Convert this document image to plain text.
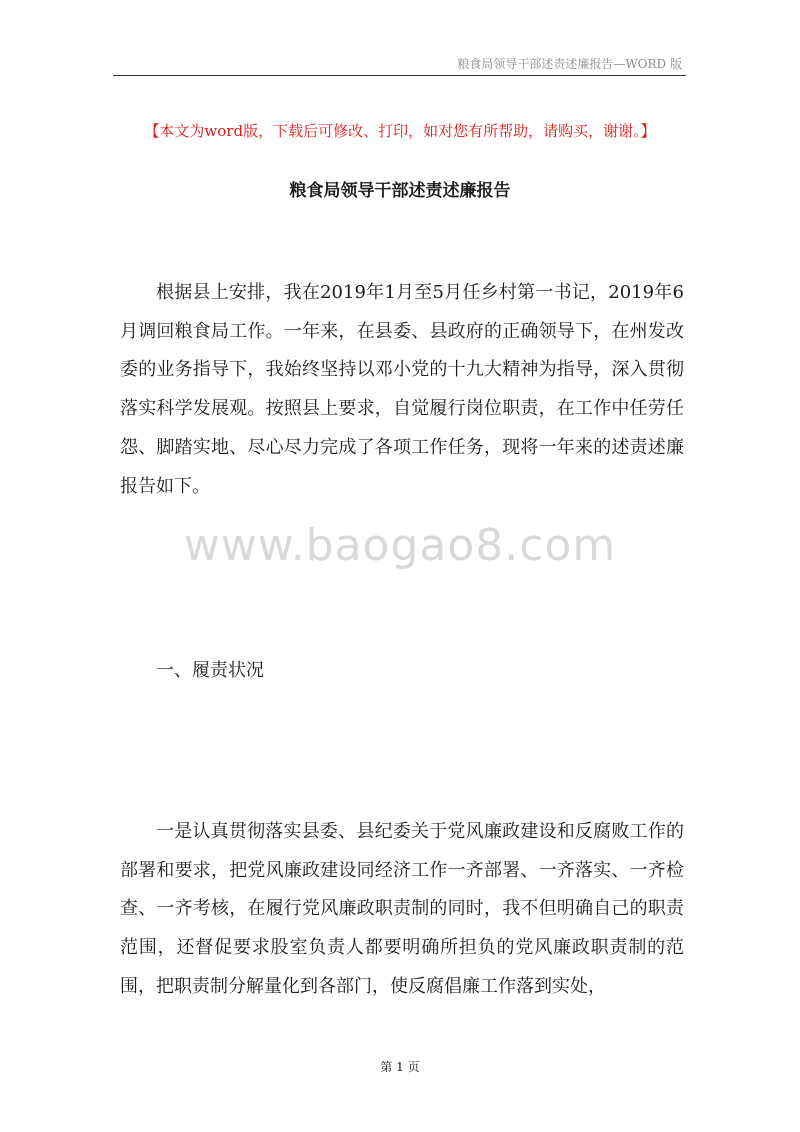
粮食局领导干部述责述廉报告—WORD 版
【本文为word版，下载后可修改、打印，如对您有所帮助，请购买，谢谢。】
粮食局领导干部述责述廉报告

根据县上安排，我在2019年1月至5月任乡村第一书记，2019年6月调回粮食局工作。一年来，在县委、县政府的正确领导下，在州发改委的业务指导下，我始终坚持以邓小党的十九大精神为指导，深入贯彻落实科学发展观。按照县上要求，自觉履行岗位职责，在工作中任劳任怨、脚踏实地、尽心尽力完成了各项工作任务，现将一年来的述责述廉报告如下。

www.baogao8.com
一、履责状况

一是认真贯彻落实县委、县纪委关于党风廉政建设和反腐败工作的部署和要求，把党风廉政建设同经济工作一齐部署、一齐落实、一齐检查、一齐考核，在履行党风廉政职责制的同时，我不但明确自己的职责范围，还督促要求股室负责人都要明确所担负的党风廉政职责制的范围，把职责制分解量化到各部门，使反腐倡廉工作落到实处，

第 1 页
